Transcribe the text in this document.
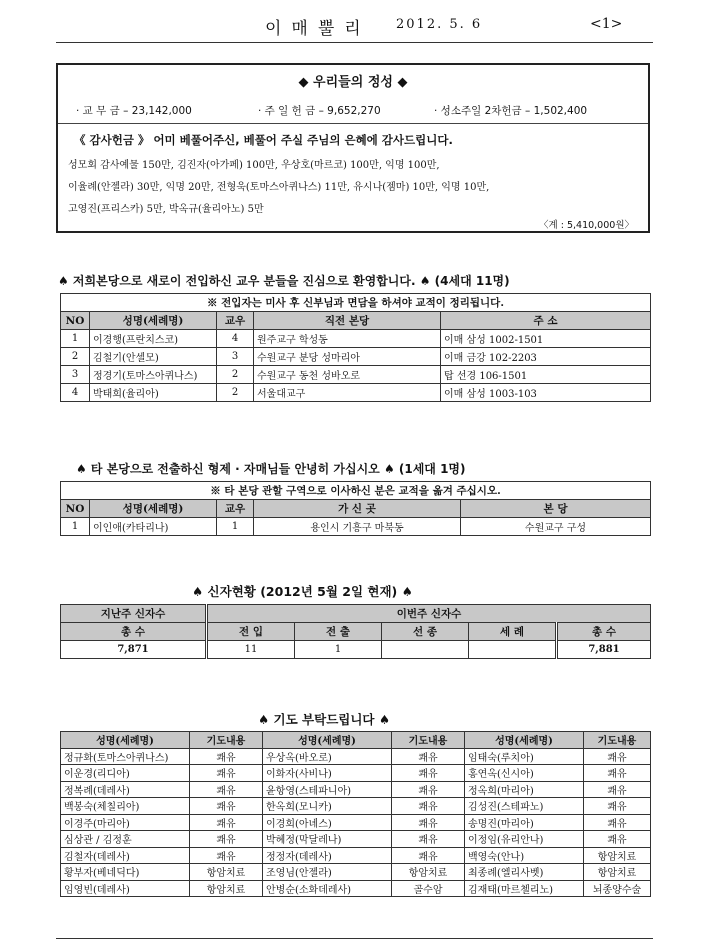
이매뿔리 2012. 5. 6	<1>
◆ 우리들의 정성 ◆
· 교 무 금 – 23,142,000	· 주 일 헌 금 – 9,652,270	· 성소주일 2차헌금 – 1,502,400
《 감사헌금 》 어미 베풀어주신, 베풀어 주실 주님의 은혜에 감사드립니다.
성모회 감사예물 150만, 김진자(아가페) 100만, 우상호(마르코) 100만, 익명 100만,
이율례(안젤라) 30만, 익명 20만, 전형욱(토마스아퀴나스) 11만, 유시나(젬마) 10만, 익명 10만,
고영진(프리스카) 5만, 박옥규(율리아노) 5만
〈계 : 5,410,000원〉
♠ 저희본당으로 새로이 전입하신 교우 분들을 진심으로 환영합니다. ♠ (4세대 11명)
※ 전입자는 미사 후 신부님과 면담을 하셔야 교적이 정리됩니다.				
NO	성명(세례명)	교우	직전 본당	주 소
1	이경행(프란치스코)	4	원주교구 학성동	이매 삼성 1002-1501
2	김철기(안셀모)	3	수원교구 분당 성마리아	이매 금강 102-2203
3	정경기(토마스아퀴나스)	2	수원교구 동천 성바오로	탑 선경 106-1501
4	박태희(율리아)	2	서울대교구	이매 삼성 1003-103
♠ 타 본당으로 전출하신 형제 · 자매님들 안녕히 가십시오 ♠ (1세대 1명)
※ 타 본당 관할 구역으로 이사하신 분은 교적을 옮겨 주십시오.				
NO	성명(세례명)	교우	가 신 곳	본 당
1	이인애(카타리나)	1	용인시 기흥구 마북동	수원교구 구성
♠ 신자현황 (2012년 5월 2일 현재) ♠
지난주 신자수	이번주 신자수				
총 수	전 입	전 출	선 종	세 례	총 수
7,871	11	1			7,881
♠ 기도 부탁드립니다 ♠
성명(세례명)	기도내용	성명(세례명)	기도내용	성명(세례명)	기도내용
정규화(토마스아퀴나스)	쾌유	우상옥(바오로)	쾌유	임태숙(루치아)	쾌유
이운경(리디아)	쾌유	이화자(사비나)	쾌유	홍연옥(신시아)	쾌유
정복례(데레사)	쾌유	윤항영(스테파니아)	쾌유	정옥희(마리아)	쾌유
백봉숙(체칠리아)	쾌유	한옥희(모니카)	쾌유	김성진(스테파노)	쾌유
이경주(마리아)	쾌유	이경희(아녜스)	쾌유	송명진(마리아)	쾌유
심상관 / 김정훈	쾌유	박혜정(막달레나)	쾌유	이정임(유리안나)	쾌유
김철자(데레사)	쾌유	정정자(데레사)	쾌유	백영숙(안나)	항암치료
황부자(베네딕다)	항암치료	조영님(안젤라)	항암치료	최종례(엘리사벳)	항암치료
임영빈(데레사)	항암치료	안병순(소화데레사)	골수암	김재태(마르첼리노)	뇌종양수술
